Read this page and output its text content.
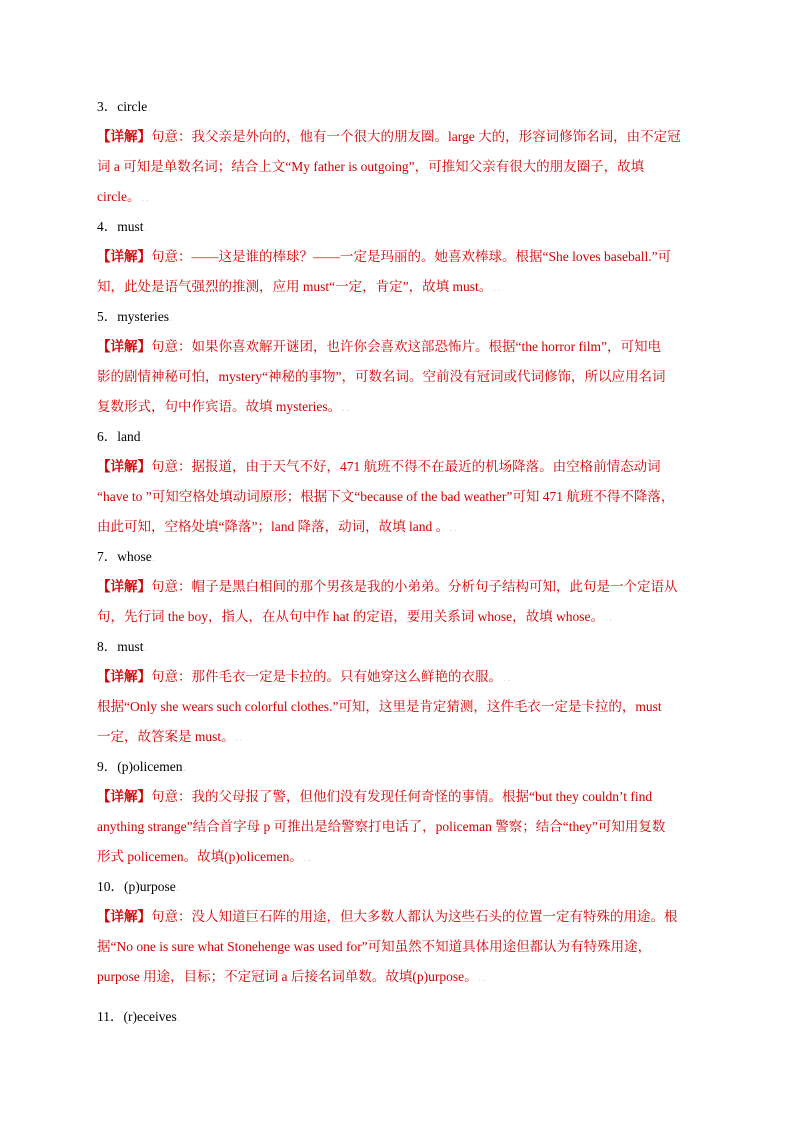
3．circle.
【详解】句意：我父亲是外向的，他有一个很大的朋友圈。large 大的，形容词修饰名词，由不定冠
词 a 可知是单数名词；结合上文“My father is outgoing”，可推知父亲有很大的朋友圈子，故填
circle。. .
4．must.
【详解】句意：——这是谁的棒球？——一定是玛丽的。她喜欢棒球。根据“She loves baseball.”可
知，此处是语气强烈的推测，应用 must“一定，肯定”，故填 must。. .
5．mysteries.
【详解】句意：如果你喜欢解开谜团，也许你会喜欢这部恐怖片。根据“the horror film”，可知电
影的剧情神秘可怕，mystery“神秘的事物”，可数名词。空前没有冠词或代词修饰，所以应用名词
复数形式，句中作宾语。故填 mysteries。. .
6．land.
【详解】句意：据报道，由于天气不好，471 航班不得不在最近的机场降落。由空格前情态动词
“have to ”可知空格处填动词原形；根据下文“because of the bad weather”可知 471 航班不得不降落，
由此可知，空格处填“降落”；land 降落，动词，故填 land 。. .
7．whose.
【详解】句意：帽子是黑白相间的那个男孩是我的小弟弟。分析句子结构可知，此句是一个定语从
句，先行词 the boy，指人，在从句中作 hat 的定语，要用关系词 whose，故填 whose。. .
8．must.
【详解】句意：那件毛衣一定是卡拉的。只有她穿这么鲜艳的衣服。. .
根据“Only she wears such colorful clothes.”可知，这里是肯定猜测，这件毛衣一定是卡拉的，must
一定，故答案是 must。. .
9．(p)olicemen.
【详解】句意：我的父母报了警，但他们没有发现任何奇怪的事情。根据“but they couldn’t find
anything strange”结合首字母 p 可推出是给警察打电话了，policeman 警察；结合“they”可知用复数
形式 policemen。故填(p)olicemen。. .
10．(p)urpose.
【详解】句意：没人知道巨石阵的用途，但大多数人都认为这些石头的位置一定有特殊的用途。根
据“No one is sure what Stonehenge was used for”可知虽然不知道具体用途但都认为有特殊用途，
purpose 用途，目标；不定冠词 a 后接名词单数。故填(p)urpose。. .
11．(r)eceives.
